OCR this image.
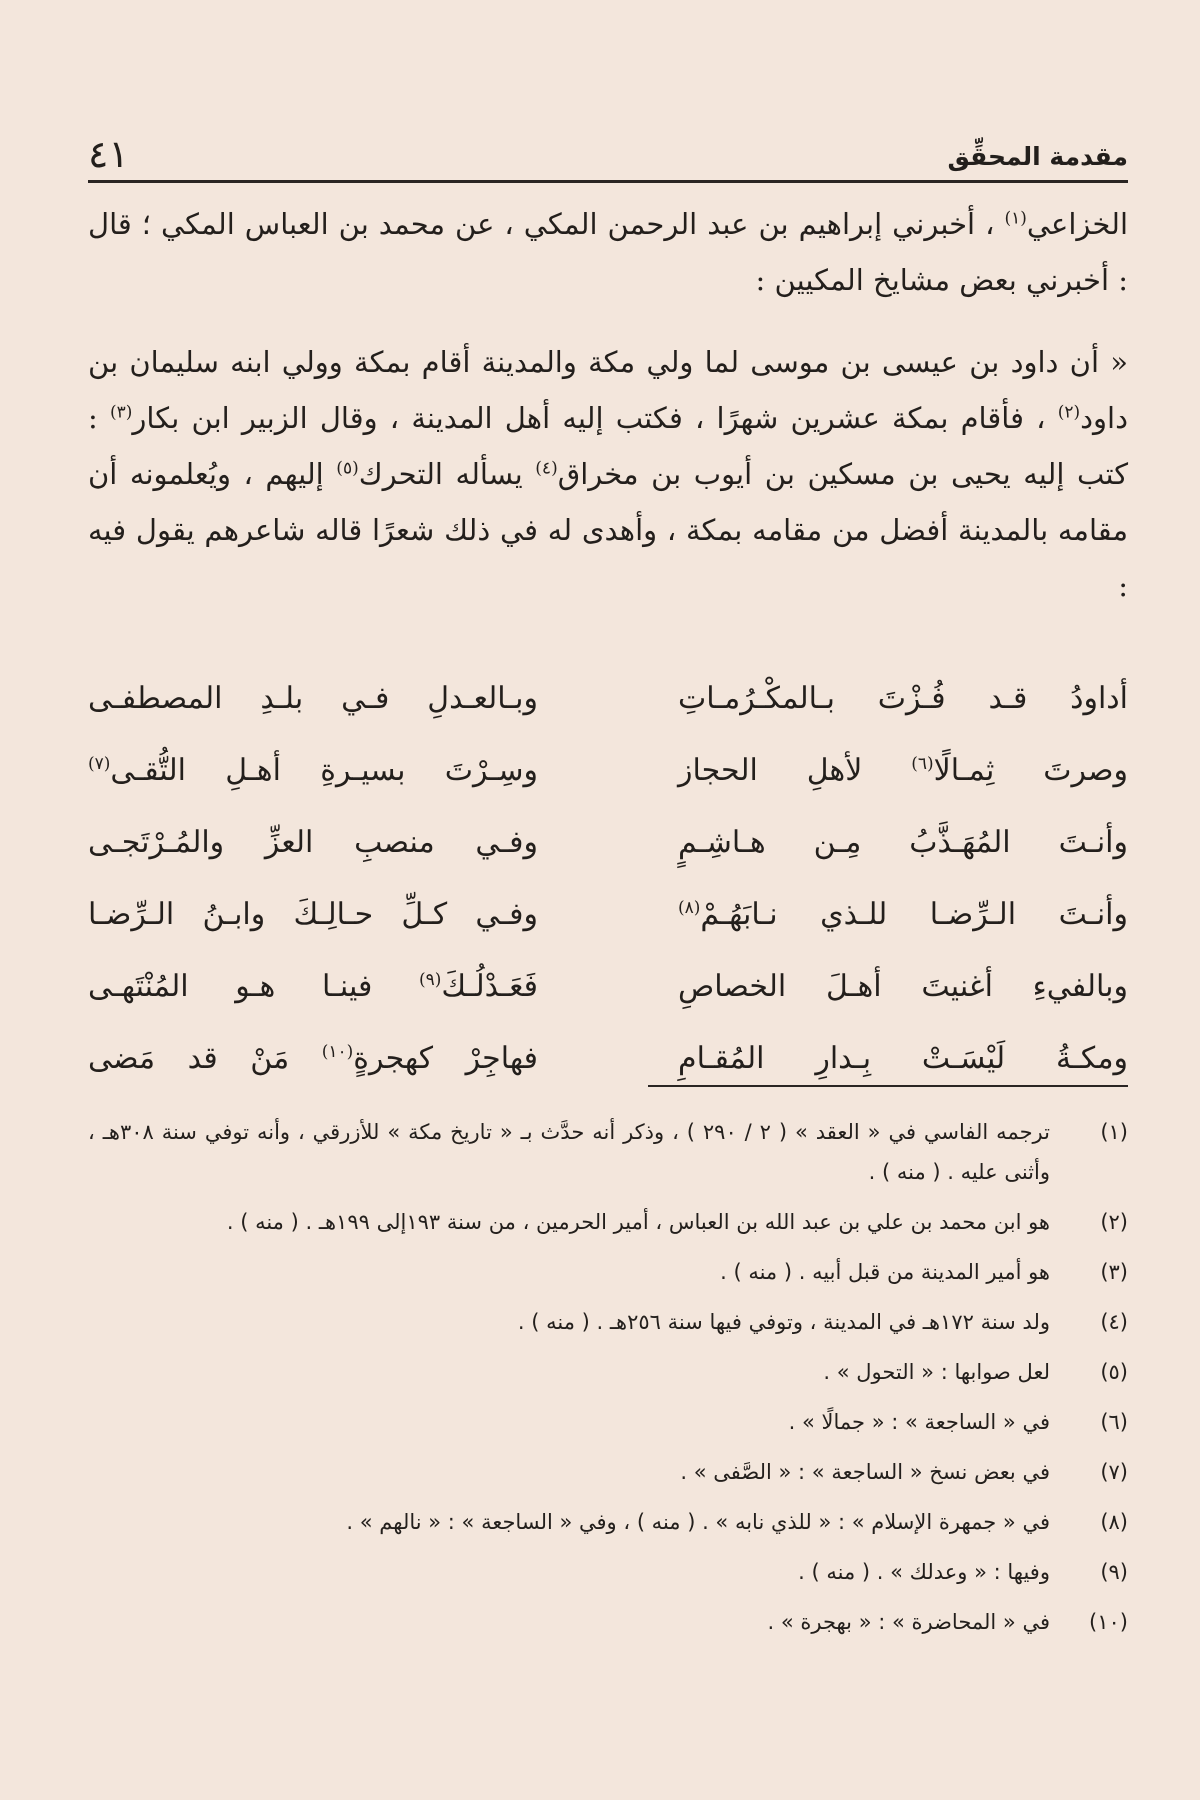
٤١	مقدمة المحقِّق

الخزاعي$^{(١)}$ ، أخبرني إبراهيم بن عبد الرحمن المكي ، عن محمد بن العباس المكي ؛ قال : أخبرني بعض مشايخ المكيين :

« أن داود بن عيسى بن موسى لما ولي مكة والمدينة أقام بمكة وولي ابنه سليمان بن داود$^{(٢)}$ ، فأقام بمكة عشرين شهرًا ، فكتب إليه أهل المدينة ، وقال الزبير ابن بكار$^{(٣)}$ : كتب إليه يحيى بن مسكين بن أيوب بن مخراق$^{(٤)}$ يسأله التحرك$^{(٥)}$ إليهم ، ويُعلمونه أن مقامه بالمدينة أفضل من مقامه بمكة ، وأهدى له في ذلك شعرًا قاله شاعرهم يقول فيه :

أداودُ قـد فُـزْتَ بـالمكْـرُمـاتِ
وبـالعـدلِ فـي بلـدِ المصطفـى
وصرتَ ثِمـالًا$^{(٦)}$ لأهلِ الحجاز
وسِـرْتَ بسيـرةِ أهـلِ التُّقـى$^{(٧)}$
وأنـتَ المُهَـذَّبُ مِـن هـاشِـمٍ
وفـي منصبِ العزِّ والمُـرْتَجـى
وأنـتَ الـرِّضـا للـذي نـابَهُـمْ$^{(٨)}$
وفـي كـلِّ حـالِـكَ وابـنُ الـرِّضـا
وبالفيءِ أغنيتَ أهـلَ الخصاصِ
فَعَـدْلُـكَ$^{(٩)}$ فينـا هـو المُنْتَهـى
ومكـةُ لَيْسَـتْ بِـدارِ المُقـامِ
فهاجِرْ كهجرةٍ$^{(١٠)}$ مَنْ قد مَضى
(١)
ترجمه الفاسي في « العقد » ( ٢ / ٢٩٠ ) ، وذكر أنه حدَّث بـ « تاريخ مكة » للأزرقي ، وأنه توفي سنة ٣٠٨هـ ، وأثنى عليه . ( منه ) .
(٢)
هو ابن محمد بن علي بن عبد الله بن العباس ، أمير الحرمين ، من سنة ١٩٣إلى ١٩٩هـ . ( منه ) .
(٣)
هو أمير المدينة من قبل أبيه . ( منه ) .
(٤)
ولد سنة ١٧٢هـ في المدينة ، وتوفي فيها سنة ٢٥٦هـ . ( منه ) .
(٥)
لعل صوابها : « التحول » .
(٦)
في « الساجعة » : « جمالًا » .
(٧)
في بعض نسخ « الساجعة » : « الصَّفى » .
(٨)
في « جمهرة الإسلام » : « للذي نابه » . ( منه ) ، وفي « الساجعة » : « نالهم » .
(٩)
وفيها : « وعدلك » . ( منه ) .
(١٠)
في « المحاضرة » : « بهجرة » .
